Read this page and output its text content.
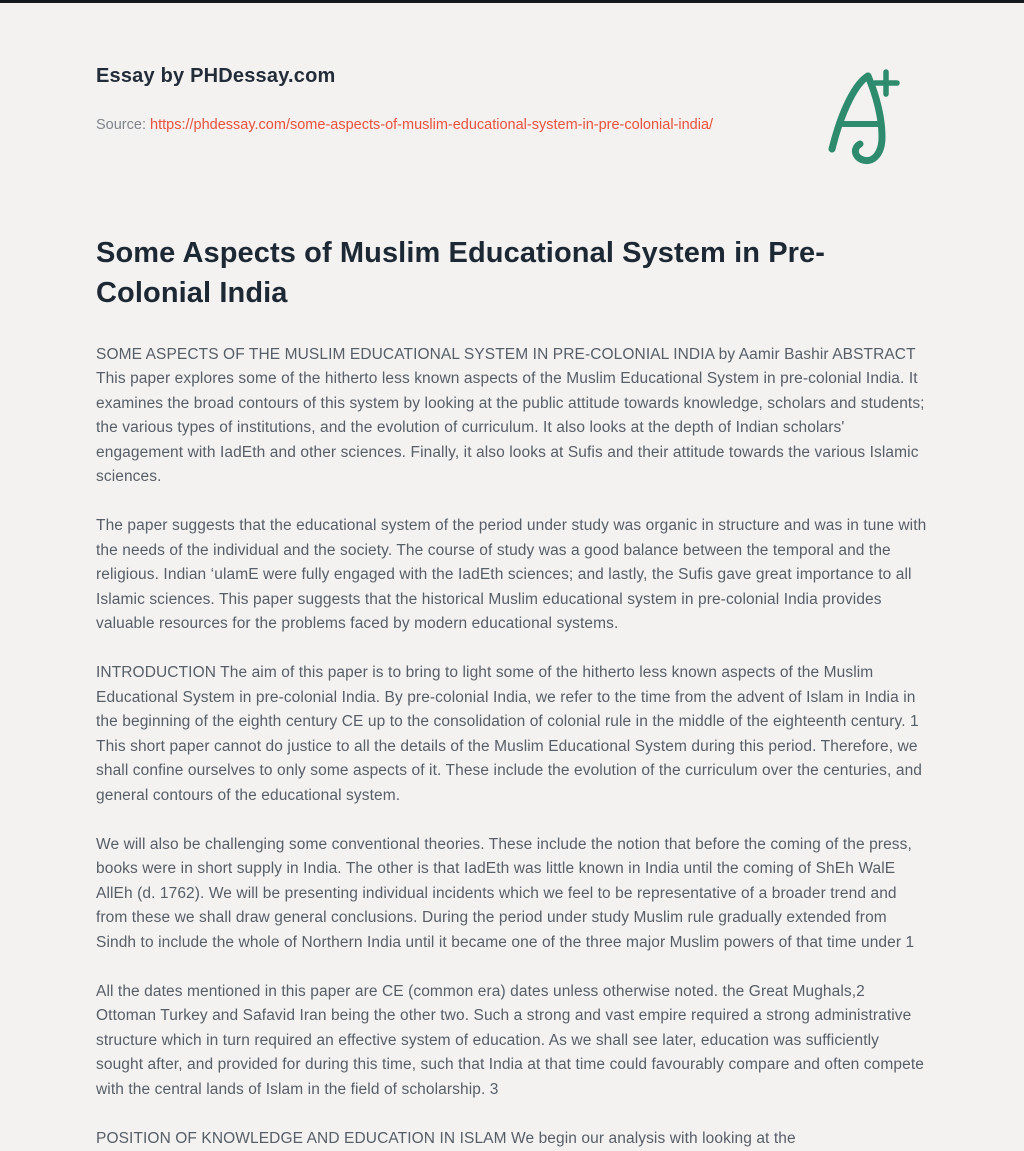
Essay by PHDessay.com
Source: https://phdessay.com/some-aspects-of-muslim-educational-system-in-pre-colonial-india/
Some Aspects of Muslim Educational System in Pre-Colonial India

SOME ASPECTS OF THE MUSLIM EDUCATIONAL SYSTEM IN PRE-COLONIAL INDIA by Aamir Bashir ABSTRACT This paper explores some of the hitherto less known aspects of the Muslim Educational System in pre-colonial India. It examines the broad contours of this system by looking at the public attitude towards knowledge, scholars and students; the various types of institutions, and the evolution of curriculum. It also looks at the depth of Indian scholars' engagement with IadEth and other sciences. Finally, it also looks at Sufis and their attitude towards the various Islamic sciences.

The paper suggests that the educational system of the period under study was organic in structure and was in tune with the needs of the individual and the society. The course of study was a good balance between the temporal and the religious. Indian ‘ulamE were fully engaged with the IadEth sciences; and lastly, the Sufis gave great importance to all Islamic sciences. This paper suggests that the historical Muslim educational system in pre-colonial India provides valuable resources for the problems faced by modern educational systems.

INTRODUCTION The aim of this paper is to bring to light some of the hitherto less known aspects of the Muslim Educational System in pre-colonial India. By pre-colonial India, we refer to the time from the advent of Islam in India in the beginning of the eighth century CE up to the consolidation of colonial rule in the middle of the eighteenth century. 1 This short paper cannot do justice to all the details of the Muslim Educational System during this period. Therefore, we shall confine ourselves to only some aspects of it. These include the evolution of the curriculum over the centuries, and general contours of the educational system.

We will also be challenging some conventional theories. These include the notion that before the coming of the press, books were in short supply in India. The other is that IadEth was little known in India until the coming of ShEh WalE AllEh (d. 1762). We will be presenting individual incidents which we feel to be representative of a broader trend and from these we shall draw general conclusions. During the period under study Muslim rule gradually extended from Sindh to include the whole of Northern India until it became one of the three major Muslim powers of that time under 1

All the dates mentioned in this paper are CE (common era) dates unless otherwise noted. the Great Mughals,2 Ottoman Turkey and Safavid Iran being the other two. Such a strong and vast empire required a strong administrative structure which in turn required an effective system of education. As we shall see later, education was sufficiently sought after, and provided for during this time, such that India at that time could favourably compare and often compete with the central lands of Islam in the field of scholarship. 3

POSITION OF KNOWLEDGE AND EDUCATION IN ISLAM We begin our analysis with looking at the
